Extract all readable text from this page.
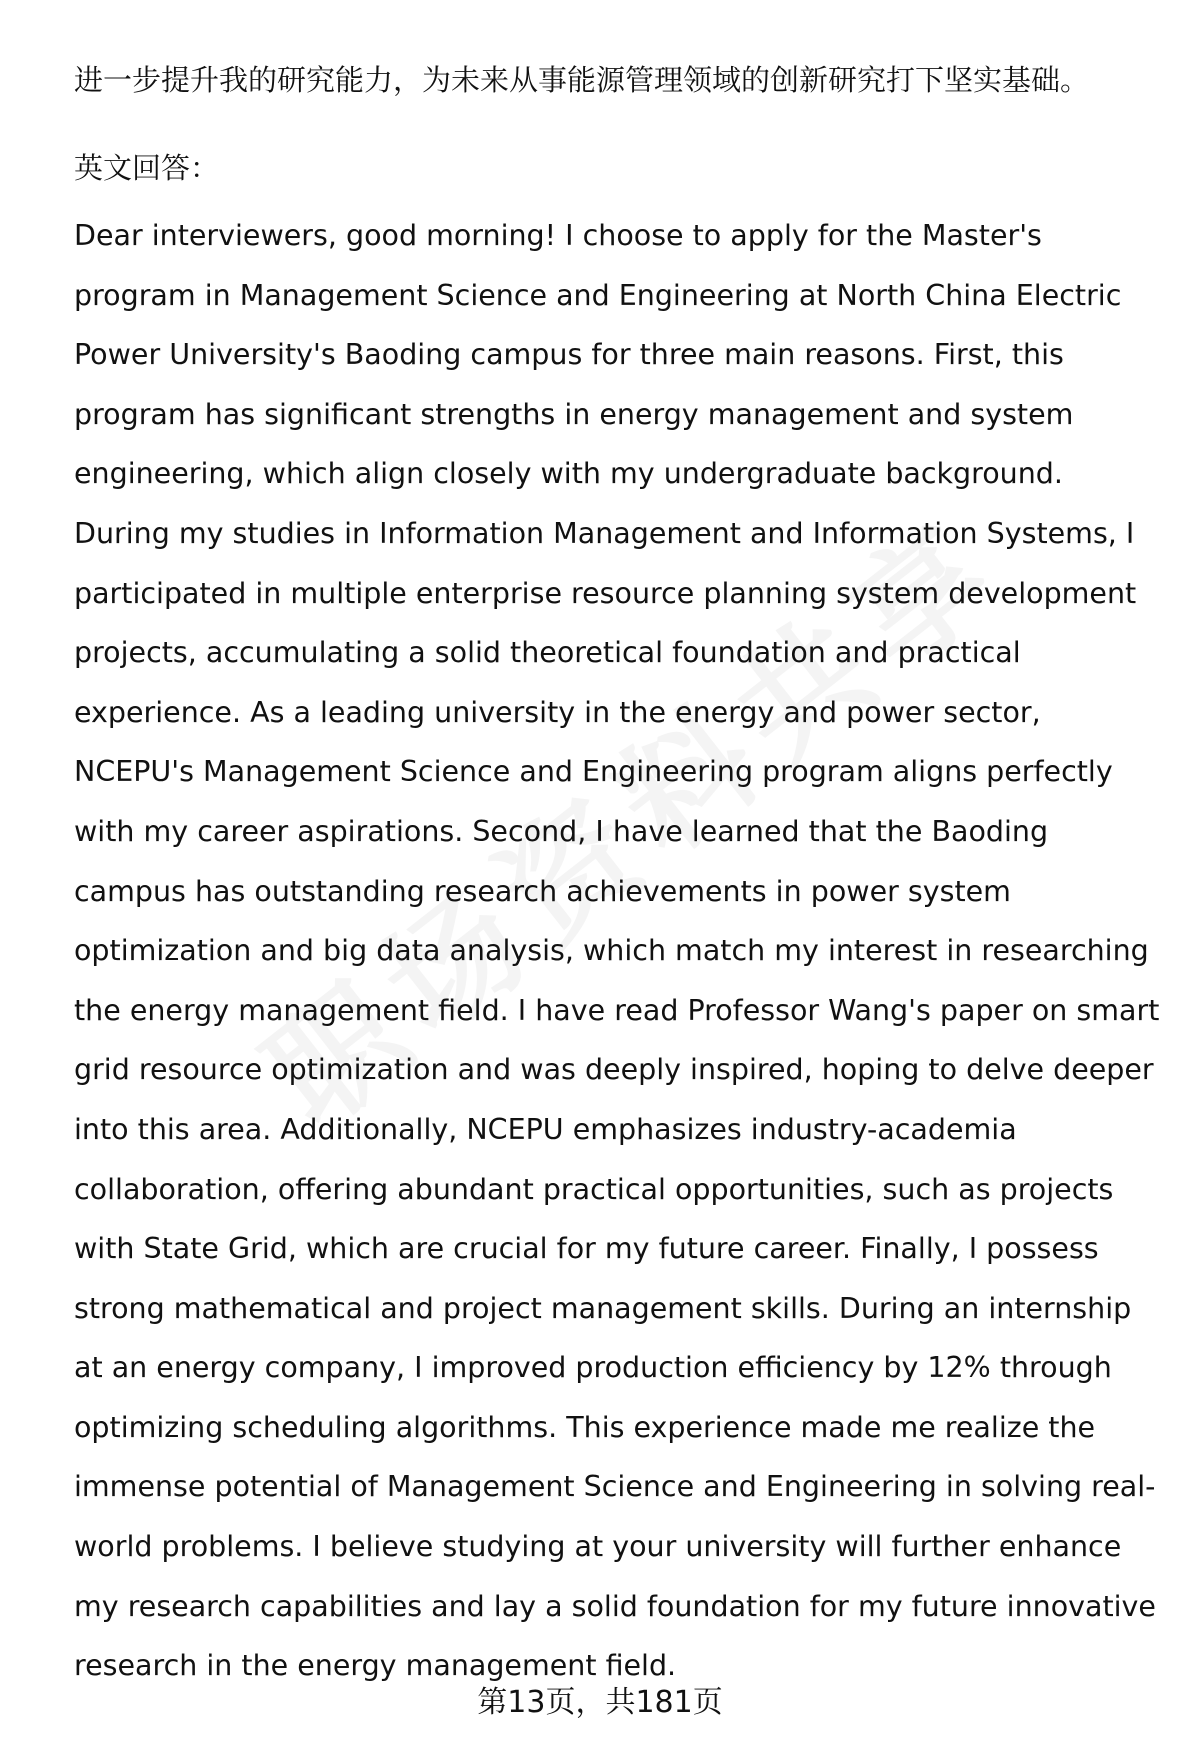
进一步提升我的研究能力，为未来从事能源管理领域的创新研究打下坚实基础。

英文回答：

Dear interviewers, good morning! I choose to apply for the Master's program in Management Science and Engineering at North China Electric Power University's Baoding campus for three main reasons. First, this program has significant strengths in energy management and system engineering, which align closely with my undergraduate background. During my studies in Information Management and Information Systems, I participated in multiple enterprise resource planning system development projects, accumulating a solid theoretical foundation and practical experience. As a leading university in the energy and power sector, NCEPU's Management Science and Engineering program aligns perfectly with my career aspirations. Second, I have learned that the Baoding campus has outstanding research achievements in power system optimization and big data analysis, which match my interest in researching the energy management field. I have read Professor Wang's paper on smart grid resource optimization and was deeply inspired, hoping to delve deeper into this area. Additionally, NCEPU emphasizes industry-academia collaboration, offering abundant practical opportunities, such as projects with State Grid, which are crucial for my future career. Finally, I possess strong mathematical and project management skills. During an internship at an energy company, I improved production efficiency by 12% through optimizing scheduling algorithms. This experience made me realize the immense potential of Management Science and Engineering in solving real-world problems. I believe studying at your university will further enhance my research capabilities and lay a solid foundation for my future innovative research in the energy management field.

第13页，共181页
